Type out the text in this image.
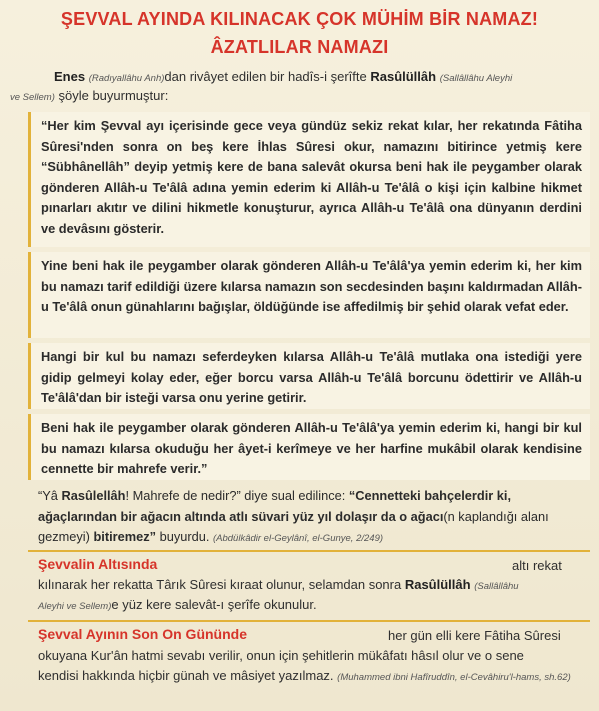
ŞEVVAL AYINDA KILINACAK ÇOK MÜHİM BİR NAMAZ!
ÂZATLILAR NAMAZI
Enes (Radıyallâhu Anh)dan rivâyet edilen bir hadîs-i şerîfte Rasûlüllâh (Sallâllâhu Aleyhi
ve Sellem) şöyle buyurmuştur:

“Her kim Şevval ayı içerisinde gece veya gündüz sekiz rekat kılar, her rekatında Fâtiha Sûresi'nden sonra on beş kere İhlas Sûresi okur, namazını bitirince yetmiş kere “Sübhânellâh” deyip yetmiş kere de bana salevât okursa beni hak ile peygamber olarak gönderen Allâh-u Te'âlâ adına yemin ederim ki Allâh-u Te'âlâ o kişi için kalbine hikmet pınarları akıtır ve dilini hikmetle konuşturur, ayrıca Allâh-u Te'âlâ ona dünyanın derdini ve devâsını gösterir.

Yine beni hak ile peygamber olarak gönderen Allâh-u Te'âlâ'ya yemin ederim ki, her kim bu namazı tarif edildiği üzere kılarsa namazın son secdesinden başını kaldırmadan Allâh-u Te'âlâ onun günahlarını bağışlar, öldüğünde ise affedilmiş bir şehid olarak vefat eder.

Hangi bir kul bu namazı seferdeyken kılarsa Allâh-u Te'âlâ mutlaka ona istediği yere gidip gelmeyi kolay eder, eğer borcu varsa Allâh-u Te'âlâ borcunu ödettirir ve Allâh-u Te'âlâ'dan bir isteği varsa onu yerine getirir.

Beni hak ile peygamber olarak gönderen Allâh-u Te'âlâ'ya yemin ederim ki, hangi bir kul bu namazı kılarsa okuduğu her âyet-i kerîmeye ve her harfine mukâbil olarak kendisine cennette bir mahrefe verir.”

“Yâ Rasûlellâh! Mahrefe de nedir?” diye sual edilince: “Cennetteki bahçelerdir ki, ağaçlarından bir ağacın altında atlı süvari yüz yıl dolaşır da o ağacı(n kaplandığı alanı gezmeyi) bitiremez” buyurdu. (Abdülkâdir el-Geylânî, el-Gunye, 2/249)
Şevvalin Altısında	altı rekat
kılınarak her rekatta Târık Sûresi kıraat olunur, selamdan sonra Rasûlüllâh (Sallâllâhu
Aleyhi ve Sellem)e yüz kere salevât-ı şerîfe okunulur.
Şevval Ayının Son On Gününde	her gün elli kere Fâtiha Sûresi
okuyana Kur'ân hatmi sevabı verilir, onun için şehitlerin mükâfatı hâsıl olur ve o sene
kendisi hakkında hiçbir günah ve mâsiyet yazılmaz. (Muhammed ibni Hafîruddîn, el-Cevâhiru'l-hams, sh.62)
